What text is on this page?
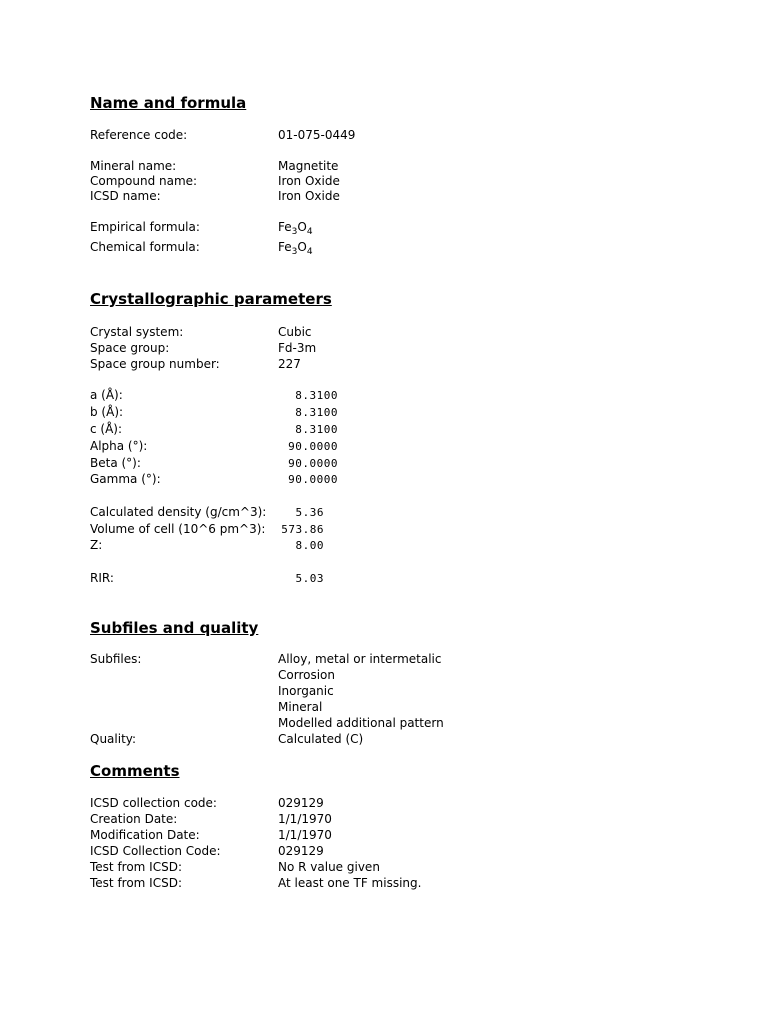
Name and formula
Reference code:	01-075-0449
Mineral name:	Magnetite
Compound name:	Iron Oxide
ICSD name:	Iron Oxide
Empirical formula:	$Fe_3O_4$
Chemical formula:	$Fe_3O_4$
Crystallographic parameters
Crystal system:	Cubic
Space group:	Fd-3m
Space group number:	227
a (Å):	8.3100
b (Å):	8.3100
c (Å):	8.3100
Alpha (°):	90.0000
Beta (°):	90.0000
Gamma (°):	90.0000
Calculated density (g/cm^3):	5.36
Volume of cell (10^6 pm^3): 573.86
Z:	8.00
RIR:	5.03
Subfiles and quality
Subfiles:	Alloy, metal or intermetalic
Corrosion
Inorganic
Mineral
Modelled additional pattern
Quality:	Calculated (C)
Comments
ICSD collection code:	029129
Creation Date:	1/1/1970
Modification Date:	1/1/1970
ICSD Collection Code:	029129
Test from ICSD:	No R value given
Test from ICSD:	At least one TF missing.
